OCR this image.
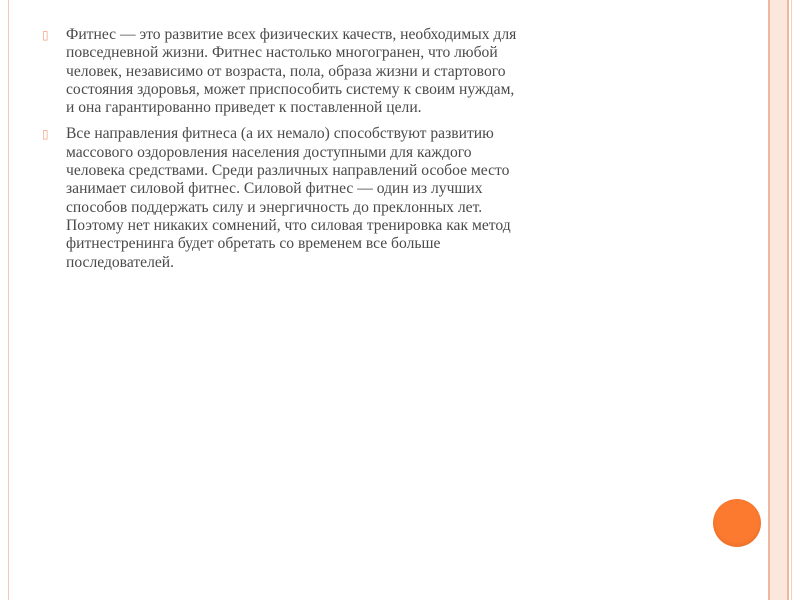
▯ Фитнес — это развитие всех физических качеств, необходимых для
повседневной жизни. Фитнес настолько многогранен, что любой
человек, независимо от возраста, пола, образа жизни и стартового
состояния здоровья, может приспособить систему к своим нуждам,
и она гарантированно приведет к поставленной цели.
▯ Все направления фитнеса (а их немало) способствуют развитию
массового оздоровления населения доступными для каждого
человека средствами. Среди различных направлений особое место
занимает силовой фитнес. Силовой фитнес — один из лучших
способов поддержать силу и энергичность до преклонных лет.
Поэтому нет никаких сомнений, что силовая тренировка как метод
фитнестренинга будет обретать со временем все больше
последователей.
